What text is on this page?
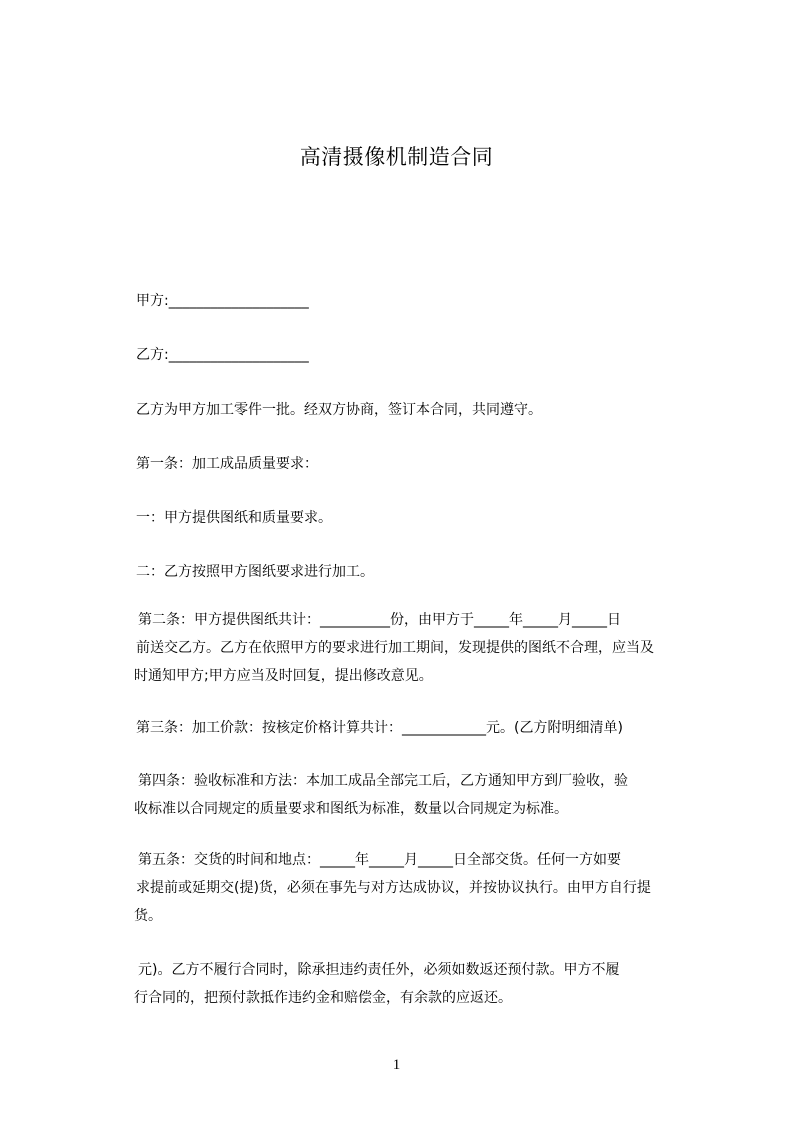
高清摄像机制造合同

甲方:____________________

乙方:____________________

乙方为甲方加工零件一批。经双方协商，签订本合同，共同遵守。

第一条：加工成品质量要求：

一：甲方提供图纸和质量要求。

二：乙方按照甲方图纸要求进行加工。

第二条：甲方提供图纸共计：__________份，由甲方于_____年_____月_____日
前送交乙方。乙方在依照甲方的要求进行加工期间，发现提供的图纸不合理，应当及
时通知甲方;甲方应当及时回复，提出修改意见。

第三条：加工价款：按核定价格计算共计：____________元。(乙方附明细清单)

第四条：验收标准和方法：本加工成品全部完工后，乙方通知甲方到厂验收，验
收标准以合同规定的质量要求和图纸为标准，数量以合同规定为标准。
第五条：交货的时间和地点：_____年_____月_____日全部交货。任何一方如要
求提前或延期交(提)货，必须在事先与对方达成协议，并按协议执行。由甲方自行提
货。
元)。乙方不履行合同时，除承担违约责任外，必须如数返还预付款。甲方不履
行合同的，把预付款抵作违约金和赔偿金，有余款的应返还。
1
